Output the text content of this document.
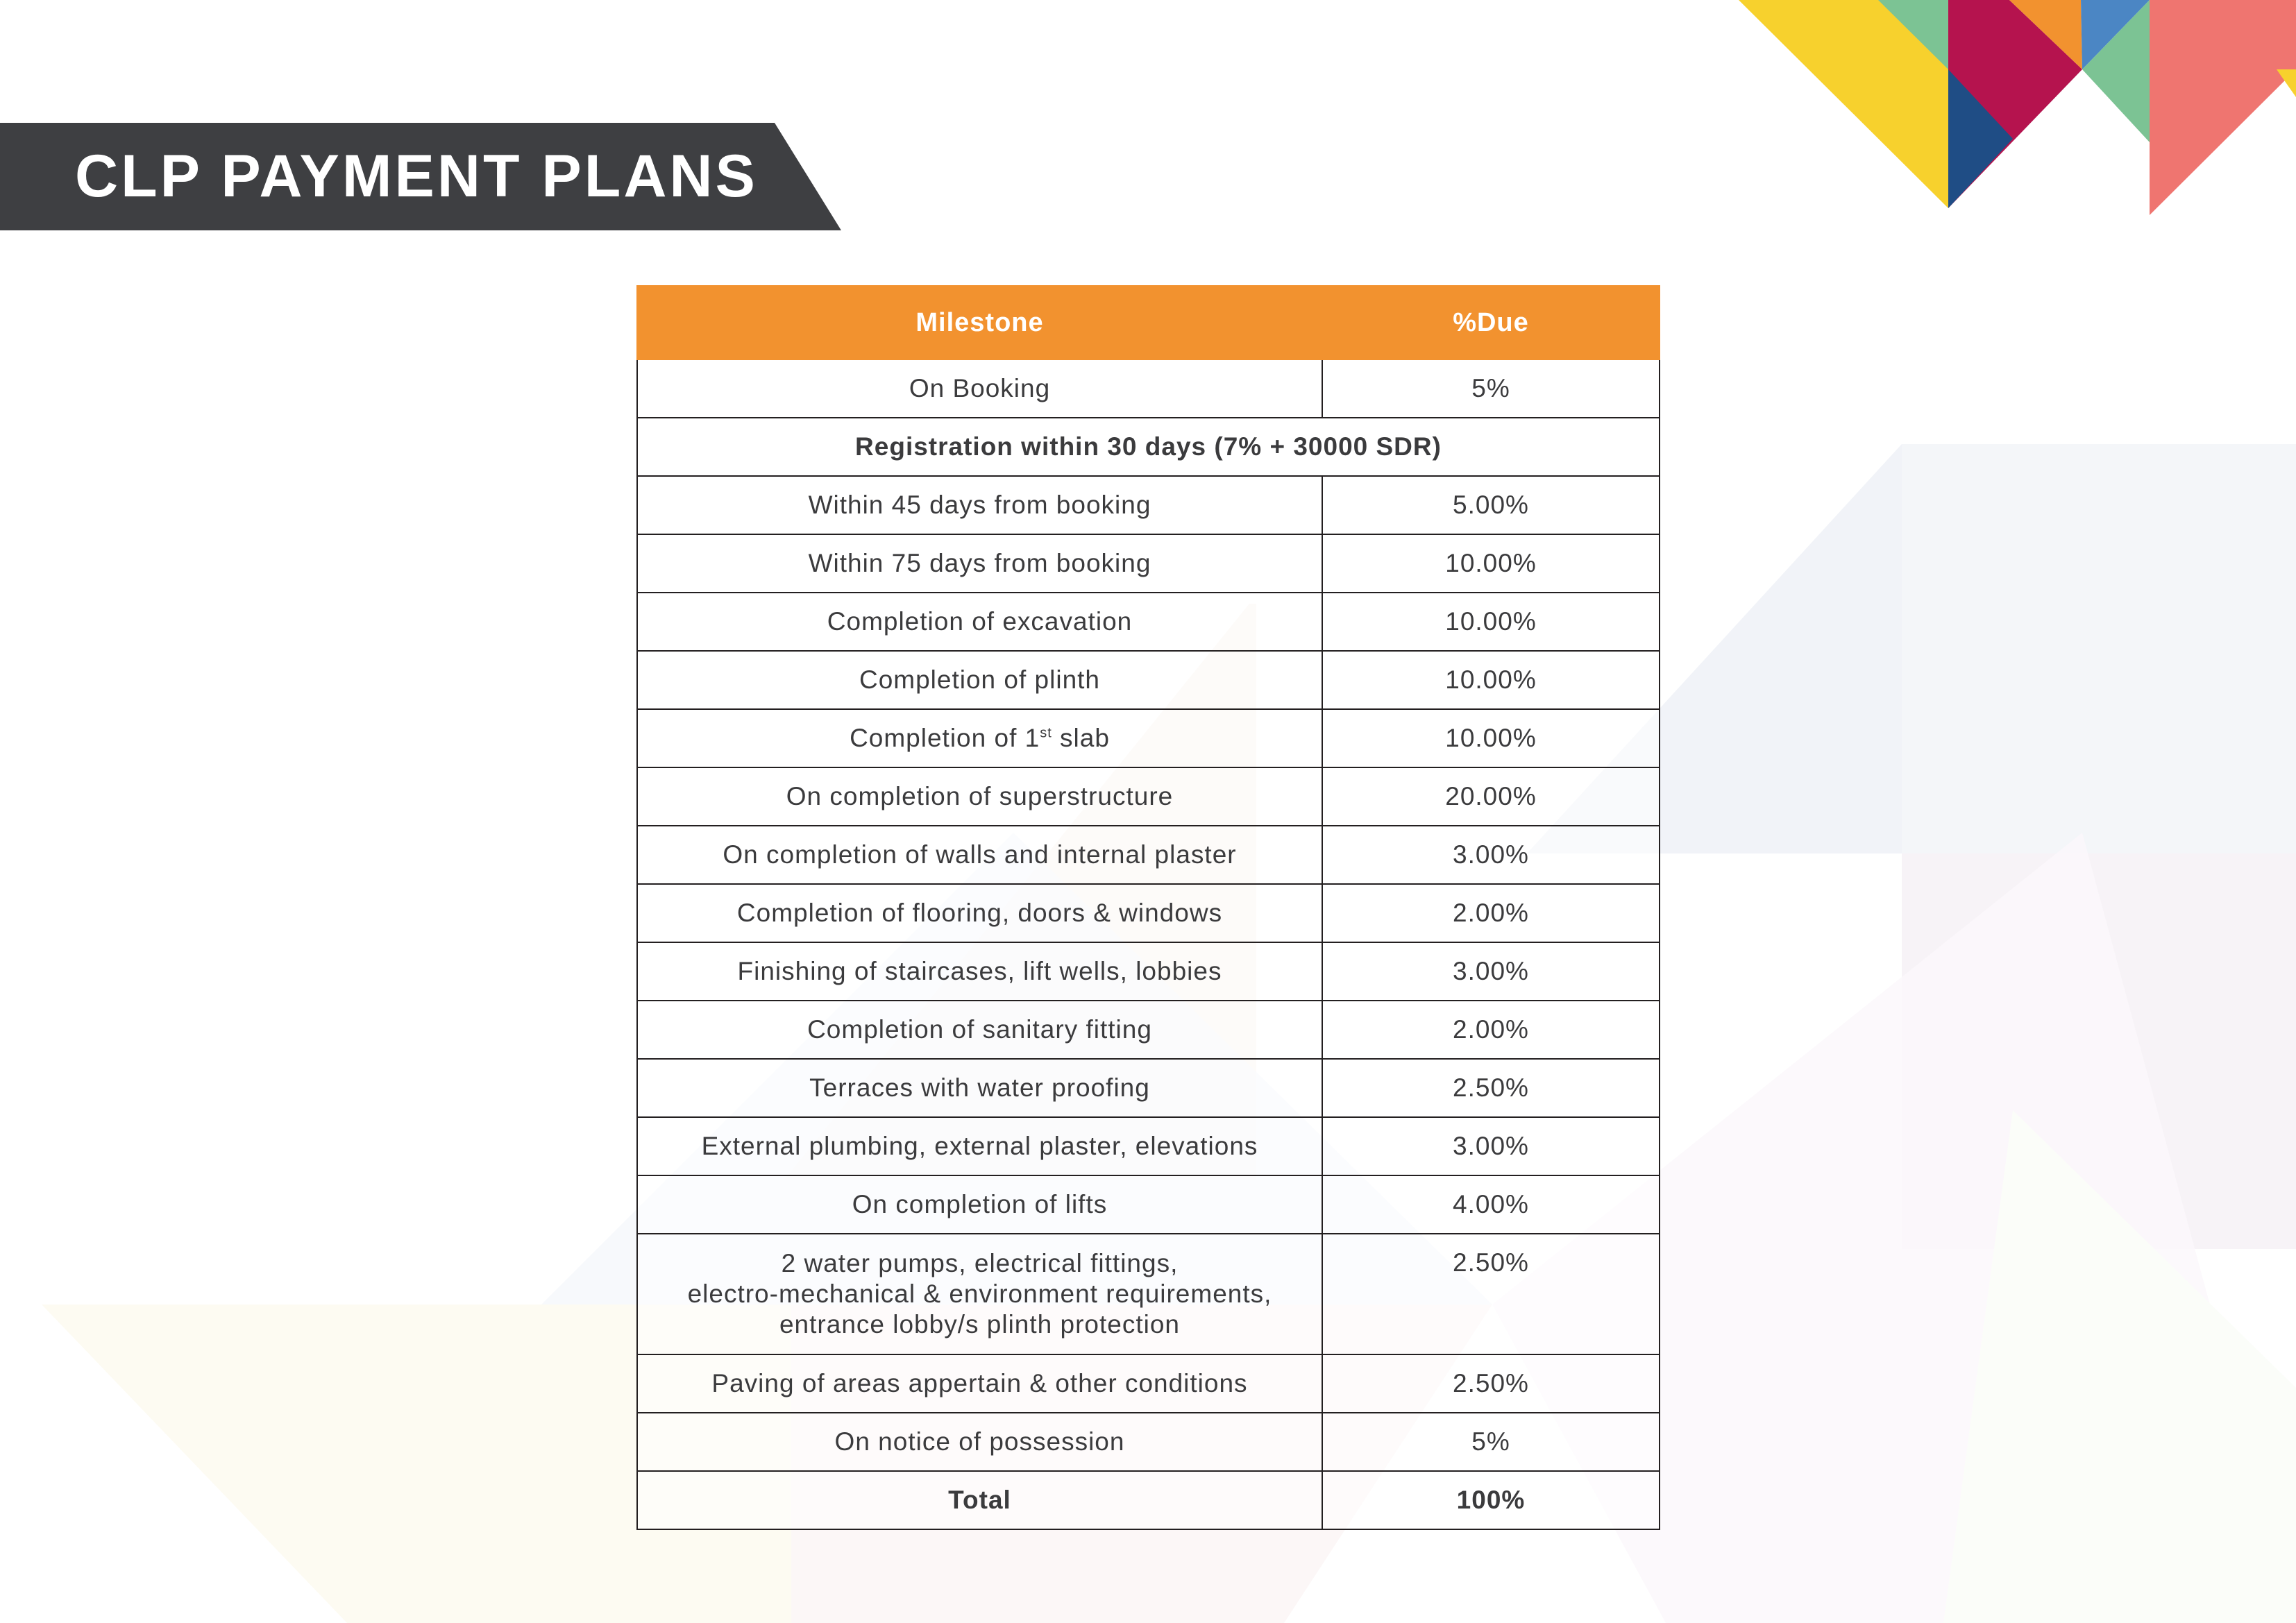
CLP PAYMENT PLANS
Milestone	%Due
On Booking	5%
Registration within 30 days (7% + 30000 SDR)	
Within 45 days from booking	5.00%
Within 75 days from booking	10.00%
Completion of excavation	10.00%
Completion of plinth	10.00%
Completion of 1st slab	10.00%
On completion of superstructure	20.00%
On completion of walls and internal plaster	3.00%
Completion of flooring, doors & windows	2.00%
Finishing of staircases, lift wells, lobbies	3.00%
Completion of sanitary fitting	2.00%
Terraces with water proofing	2.50%
External plumbing, external plaster, elevations	3.00%
On completion of lifts	4.00%

2 water pumps, electrical fittings,
electro-mechanical & environment requirements,
entrance lobby/s plinth protection	2.50%
Paving of areas appertain & other conditions	2.50%
On notice of possession	5%
Total	100%
